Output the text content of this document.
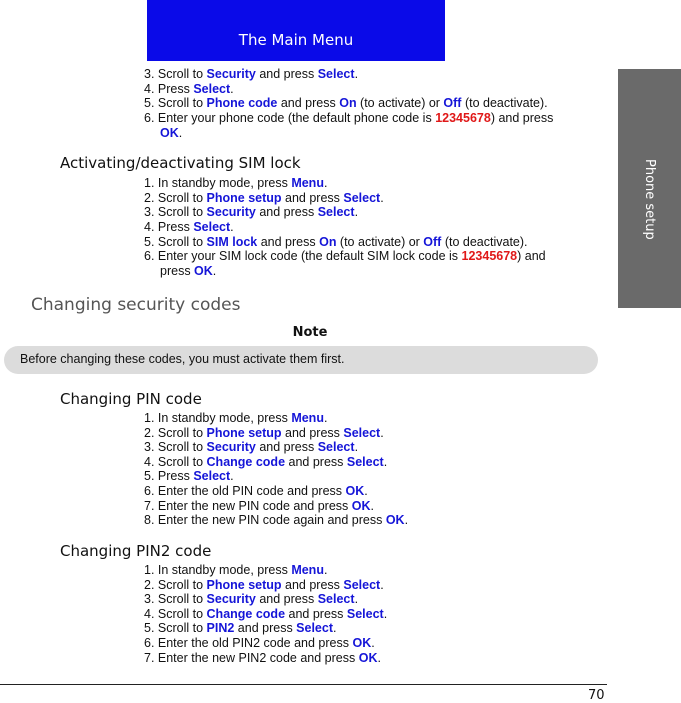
The Main Menu
Phone setup
3. Scroll to Security and press Select.
4. Press Select.
5. Scroll to Phone code and press On (to activate) or Off (to deactivate).
6. Enter your phone code (the default phone code is 12345678) and press
OK.
Activating/deactivating SIM lock
1. In standby mode, press Menu.
2. Scroll to Phone setup and press Select.
3. Scroll to Security and press Select.
4. Press Select.
5. Scroll to SIM lock and press On (to activate) or Off (to deactivate).
6. Enter your SIM lock code (the default SIM lock code is 12345678) and
press OK.
Changing security codes
Note
Before changing these codes, you must activate them first.
Changing PIN code
1. In standby mode, press Menu.
2. Scroll to Phone setup and press Select.
3. Scroll to Security and press Select.
4. Scroll to Change code and press Select.
5. Press Select.
6. Enter the old PIN code and press OK.
7. Enter the new PIN code and press OK.
8. Enter the new PIN code again and press OK.
Changing PIN2 code
1. In standby mode, press Menu.
2. Scroll to Phone setup and press Select.
3. Scroll to Security and press Select.
4. Scroll to Change code and press Select.
5. Scroll to PIN2 and press Select.
6. Enter the old PIN2 code and press OK.
7. Enter the new PIN2 code and press OK.
70
